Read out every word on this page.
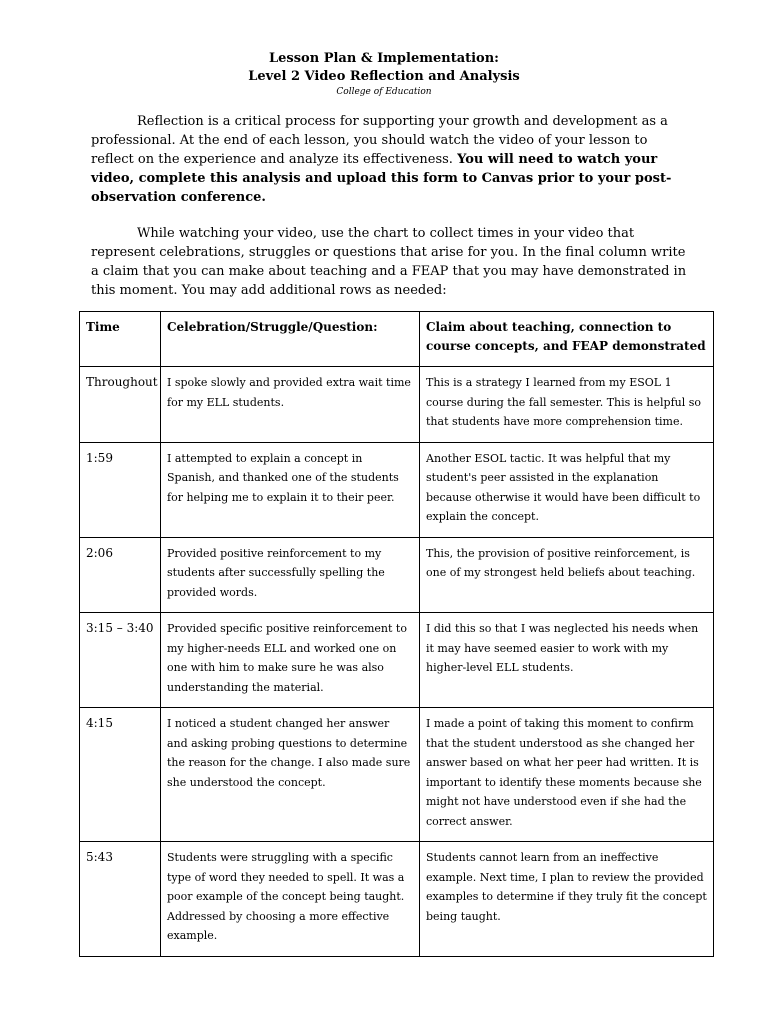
Lesson Plan & Implementation:
Level 2 Video Reflection and Analysis
College of Education

Reflection is a critical process for supporting your growth and development as a professional. At the end of each lesson, you should watch the video of your lesson to reflect on the experience and analyze its effectiveness. You will need to watch your video, complete this analysis and upload this form to Canvas prior to your post-observation conference.

While watching your video, use the chart to collect times in your video that represent celebrations, struggles or questions that arise for you. In the final column write a claim that you can make about teaching and a FEAP that you may have demonstrated in this moment. You may add additional rows as needed:

Time	Celebration/Struggle/Question:	Claim about teaching, connection to course concepts, and FEAP demonstrated
Throughout	I spoke slowly and provided extra wait time for my ELL students.	This is a strategy I learned from my ESOL 1 course during the fall semester. This is helpful so that students have more comprehension time.
1:59	I attempted to explain a concept in Spanish, and thanked one of the students for helping me to explain it to their peer.	Another ESOL tactic. It was helpful that my student's peer assisted in the explanation because otherwise it would have been difficult to explain the concept.
2:06	Provided positive reinforcement to my students after successfully spelling the provided words.	This, the provision of positive reinforcement, is one of my strongest held beliefs about teaching.
3:15 – 3:40	Provided specific positive reinforcement to my higher-needs ELL and worked one on one with him to make sure he was also understanding the material.	I did this so that I was neglected his needs when it may have seemed easier to work with my higher-level ELL students.
4:15	I noticed a student changed her answer and asking probing questions to determine the reason for the change. I also made sure she understood the concept.	I made a point of taking this moment to confirm that the student understood as she changed her answer based on what her peer had written. It is important to identify these moments because she might not have understood even if she had the correct answer.
5:43	Students were struggling with a specific type of word they needed to spell. It was a poor example of the concept being taught. Addressed by choosing a more effective example.	Students cannot learn from an ineffective example. Next time, I plan to review the provided examples to determine if they truly fit the concept being taught.
